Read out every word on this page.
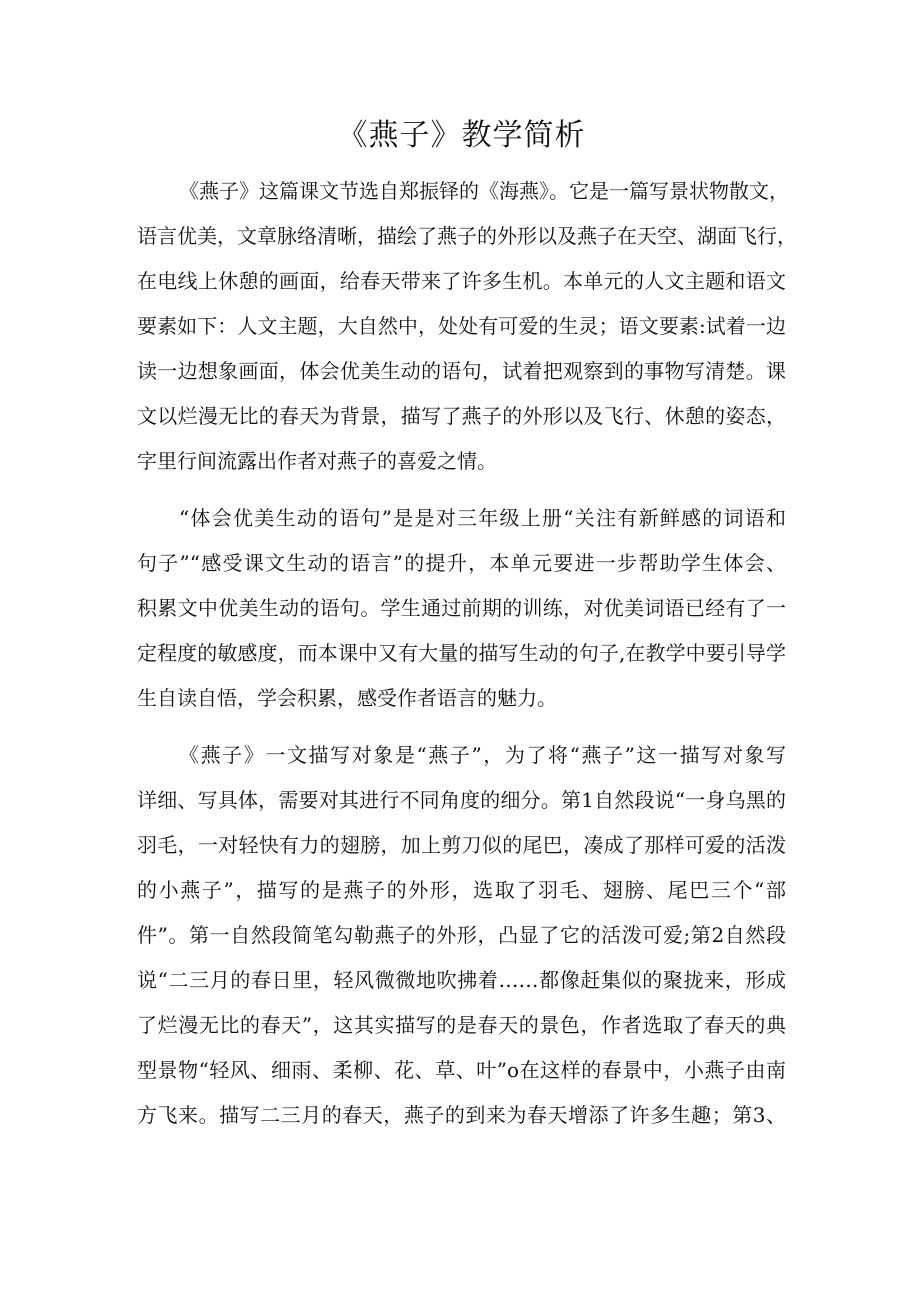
《燕子》教学简析
《燕子》这篇课文节选自郑振铎的《海燕》。它是一篇写景状物散文，
语言优美，文章脉络清晰，描绘了燕子的外形以及燕子在天空、湖面飞行，
在电线上休憩的画面，给春天带来了许多生机。本单元的人文主题和语文
要素如下：人文主题，大自然中，处处有可爱的生灵；语文要素:试着一边
读一边想象画面，体会优美生动的语句，试着把观察到的事物写清楚。课
文以烂漫无比的春天为背景，描写了燕子的外形以及飞行、休憩的姿态，
字里行间流露出作者对燕子的喜爱之情。
“体会优美生动的语句”是是对三年级上册“关注有新鲜感的词语和
句子”“感受课文生动的语言”的提升，本单元要进一步帮助学生体会、
积累文中优美生动的语句。学生通过前期的训练，对优美词语已经有了一
定程度的敏感度，而本课中又有大量的描写生动的句子,在教学中要引导学
生自读自悟，学会积累，感受作者语言的魅力。
《燕子》一文描写对象是“燕子”，为了将“燕子”这一描写对象写
详细、写具体，需要对其进行不同角度的细分。第1自然段说“一身乌黑的
羽毛，一对轻快有力的翅膀，加上剪刀似的尾巴，凑成了那样可爱的活泼
的小燕子”，描写的是燕子的外形，选取了羽毛、翅膀、尾巴三个“部
件”。第一自然段简笔勾勒燕子的外形，凸显了它的活泼可爱;第2自然段
说“二三月的春日里，轻风微微地吹拂着……都像赶集似的聚拢来，形成
了烂漫无比的春天”，这其实描写的是春天的景色，作者选取了春天的典
型景物“轻风、细雨、柔柳、花、草、叶”o在这样的春景中，小燕子由南
方飞来。描写二三月的春天，燕子的到来为春天增添了许多生趣；第3、
